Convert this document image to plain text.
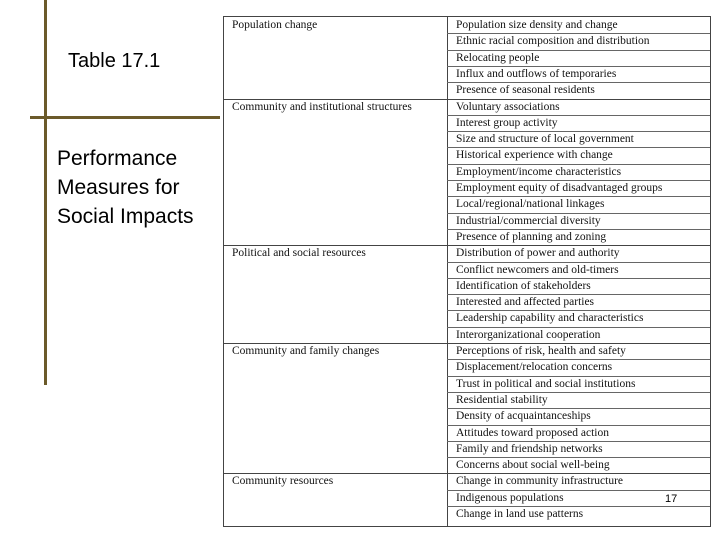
Table 17.1
Performance Measures for Social Impacts
Population change	Population size density and change
Ethnic racial composition and distribution
Relocating people
Influx and outflows of temporaries
Presence of seasonal residents
Community and institutional structures	Voluntary associations
Interest group activity
Size and structure of local government
Historical experience with change
Employment/income characteristics
Employment equity of disadvantaged groups
Local/regional/national linkages
Industrial/commercial diversity
Presence of planning and zoning
Political and social resources	Distribution of power and authority
Conflict newcomers and old-timers
Identification of stakeholders
Interested and affected parties
Leadership capability and characteristics
Interorganizational cooperation
Community and family changes	Perceptions of risk, health and safety
Displacement/relocation concerns
Trust in political and social institutions
Residential stability
Density of acquaintanceships
Attitudes toward proposed action
Family and friendship networks
Concerns about social well-being
Community resources	Change in community infrastructure
Indigenous populations
Change in land use patterns
17
